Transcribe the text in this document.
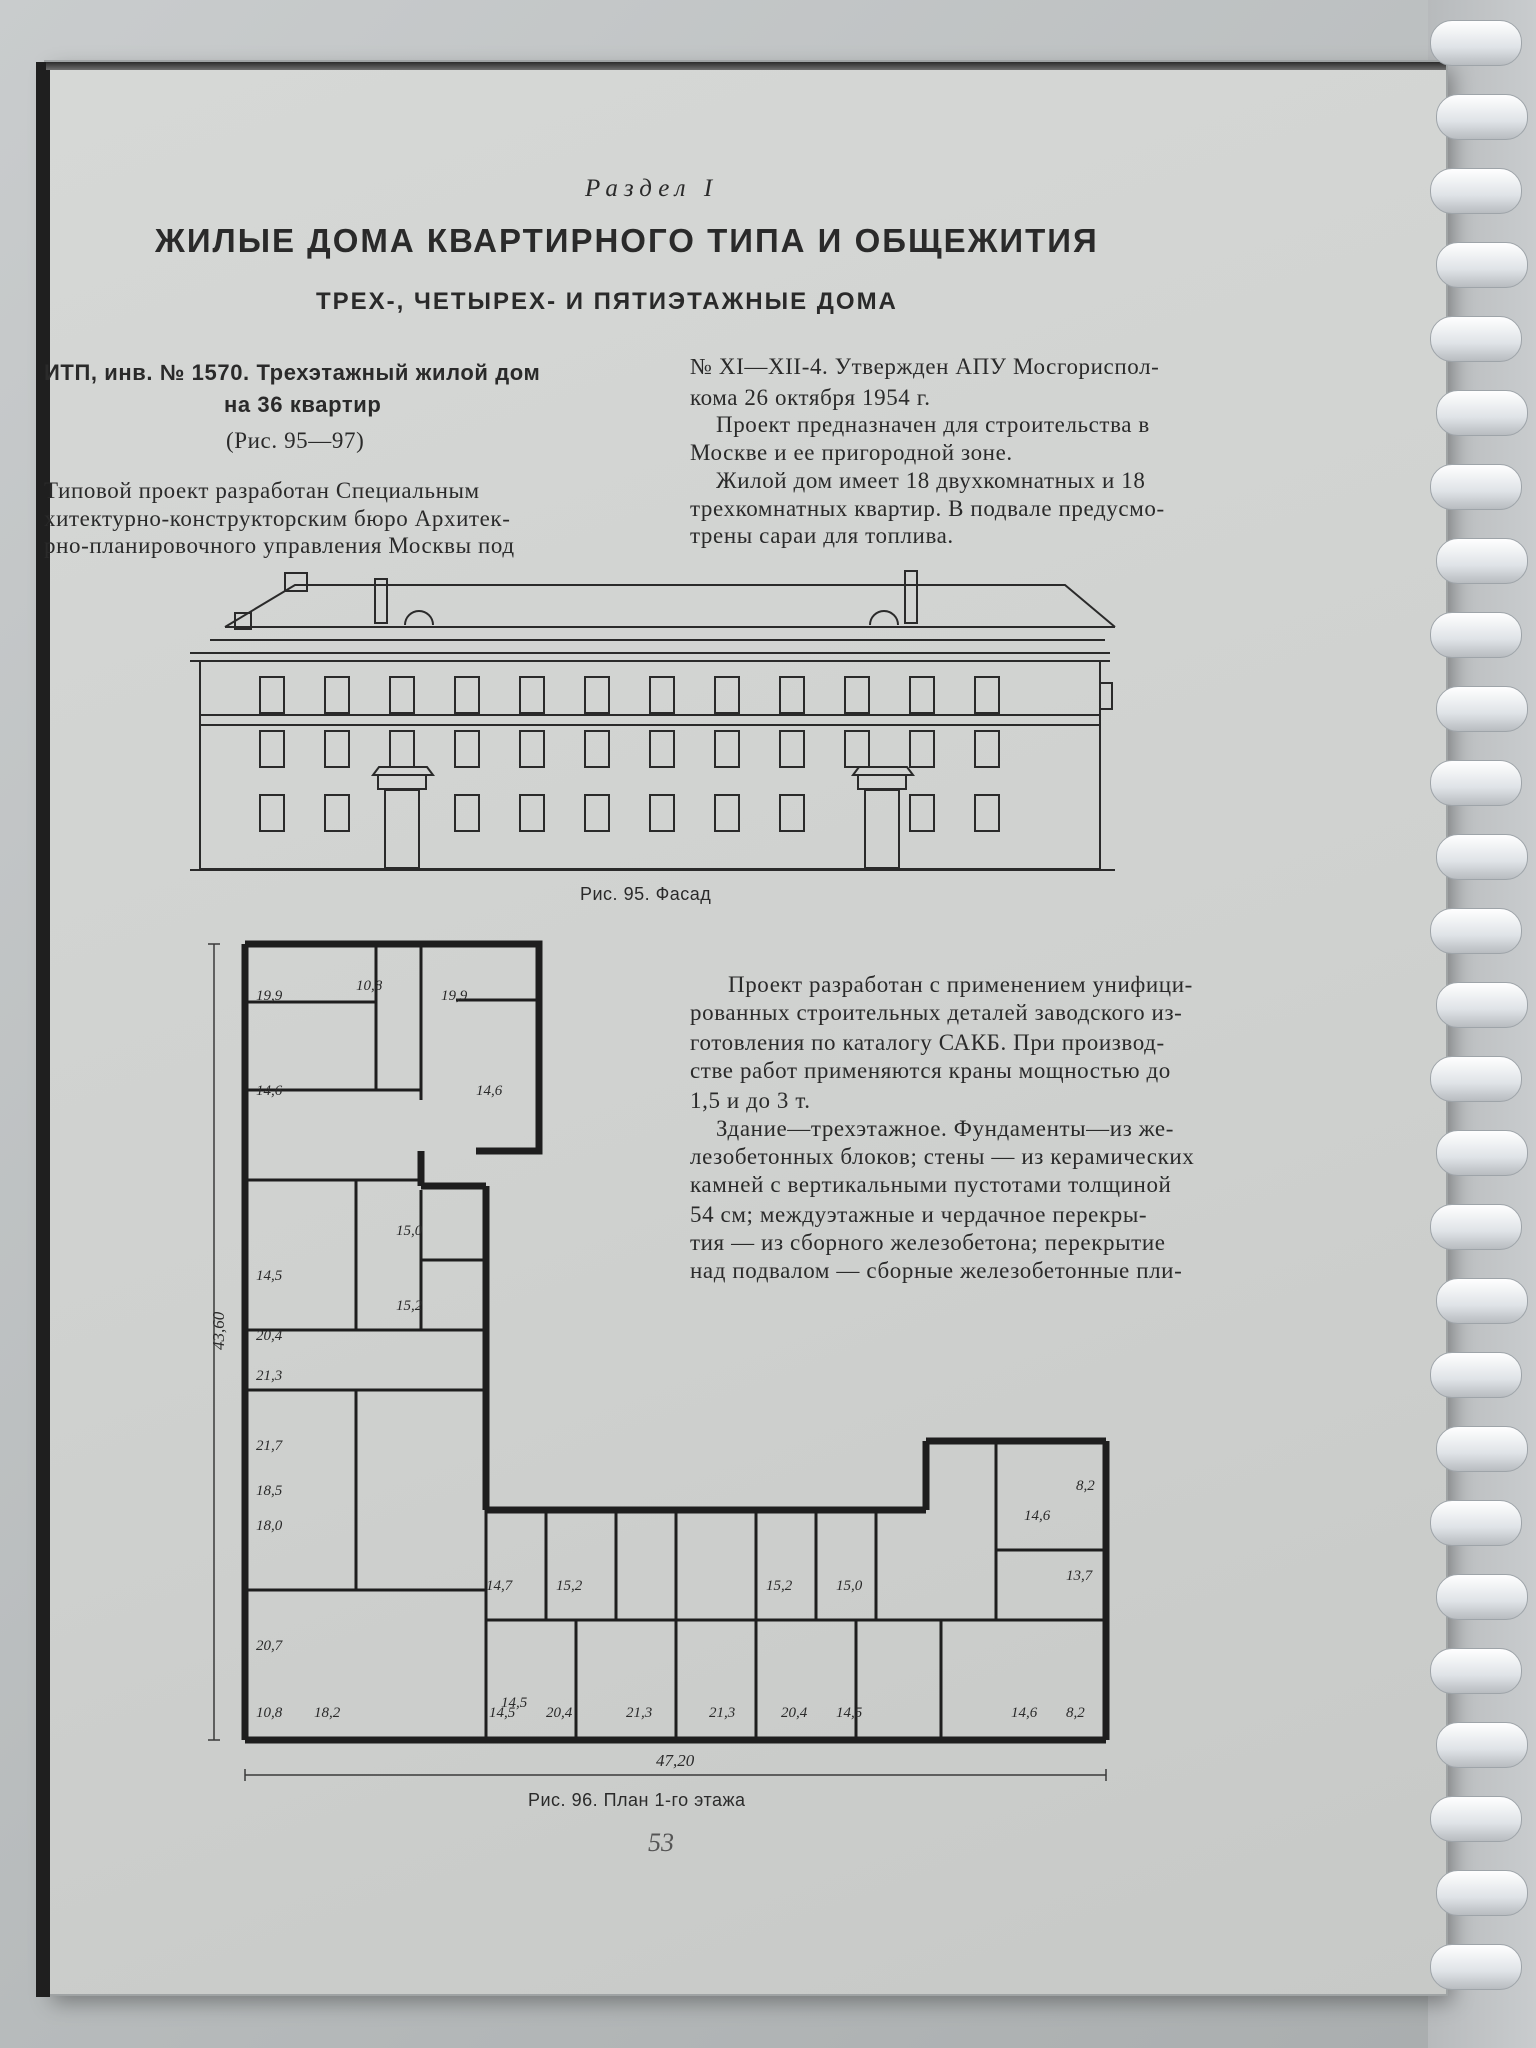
Раздел I
ЖИЛЫЕ ДОМА КВАРТИРНОГО ТИПА И ОБЩЕЖИТИЯ
ТРЕХ-, ЧЕТЫРЕХ- И ПЯТИЭТАЖНЫЕ ДОМА
ИТП, инв. № 1570. Трехэтажный жилой дом
на 36 квартир
(Рис. 95—97)
Типовой проект разработан Специальным
хитектурно-конструкторским бюро Архитек-
рно-планировочного управления Москвы под
№ XI—XII-4. Утвержден АПУ Мосгориспол-
кома 26 октября 1954 г.
Проект предназначен для строительства в
Москве и ее пригородной зоне.
Жилой дом имеет 18 двухкомнатных и 18
трехкомнатных квартир. В подвале предусмо-
трены сараи для топлива.
Рис. 95. Фасад
43,60
47,20
19,9
10,8
19,9
14,6	14,6
15,0
14,5
15,2
20,4
21,3
21,7
18,5
18,0
8,2
14,6
13,7
14,7	15,2	15,2	15,0
14,5
20,7
10,8 18,2	14,5 20,4	21,3	21,3	20,4 14,5	14,6 8,2
Проект разработан с применением унифици-
рованных строительных деталей заводского из-
готовления по каталогу САКБ. При производ-
стве работ применяются краны мощностью до
1,5 и до 3 т.
Здание—трехэтажное. Фундаменты—из же-
лезобетонных блоков; стены — из керамических
камней с вертикальными пустотами толщиной
54 см; междуэтажные и чердачное перекры-
тия — из сборного железобетона; перекрытие
над подвалом — сборные железобетонные пли-
Рис. 96. План 1-го этажа
53
